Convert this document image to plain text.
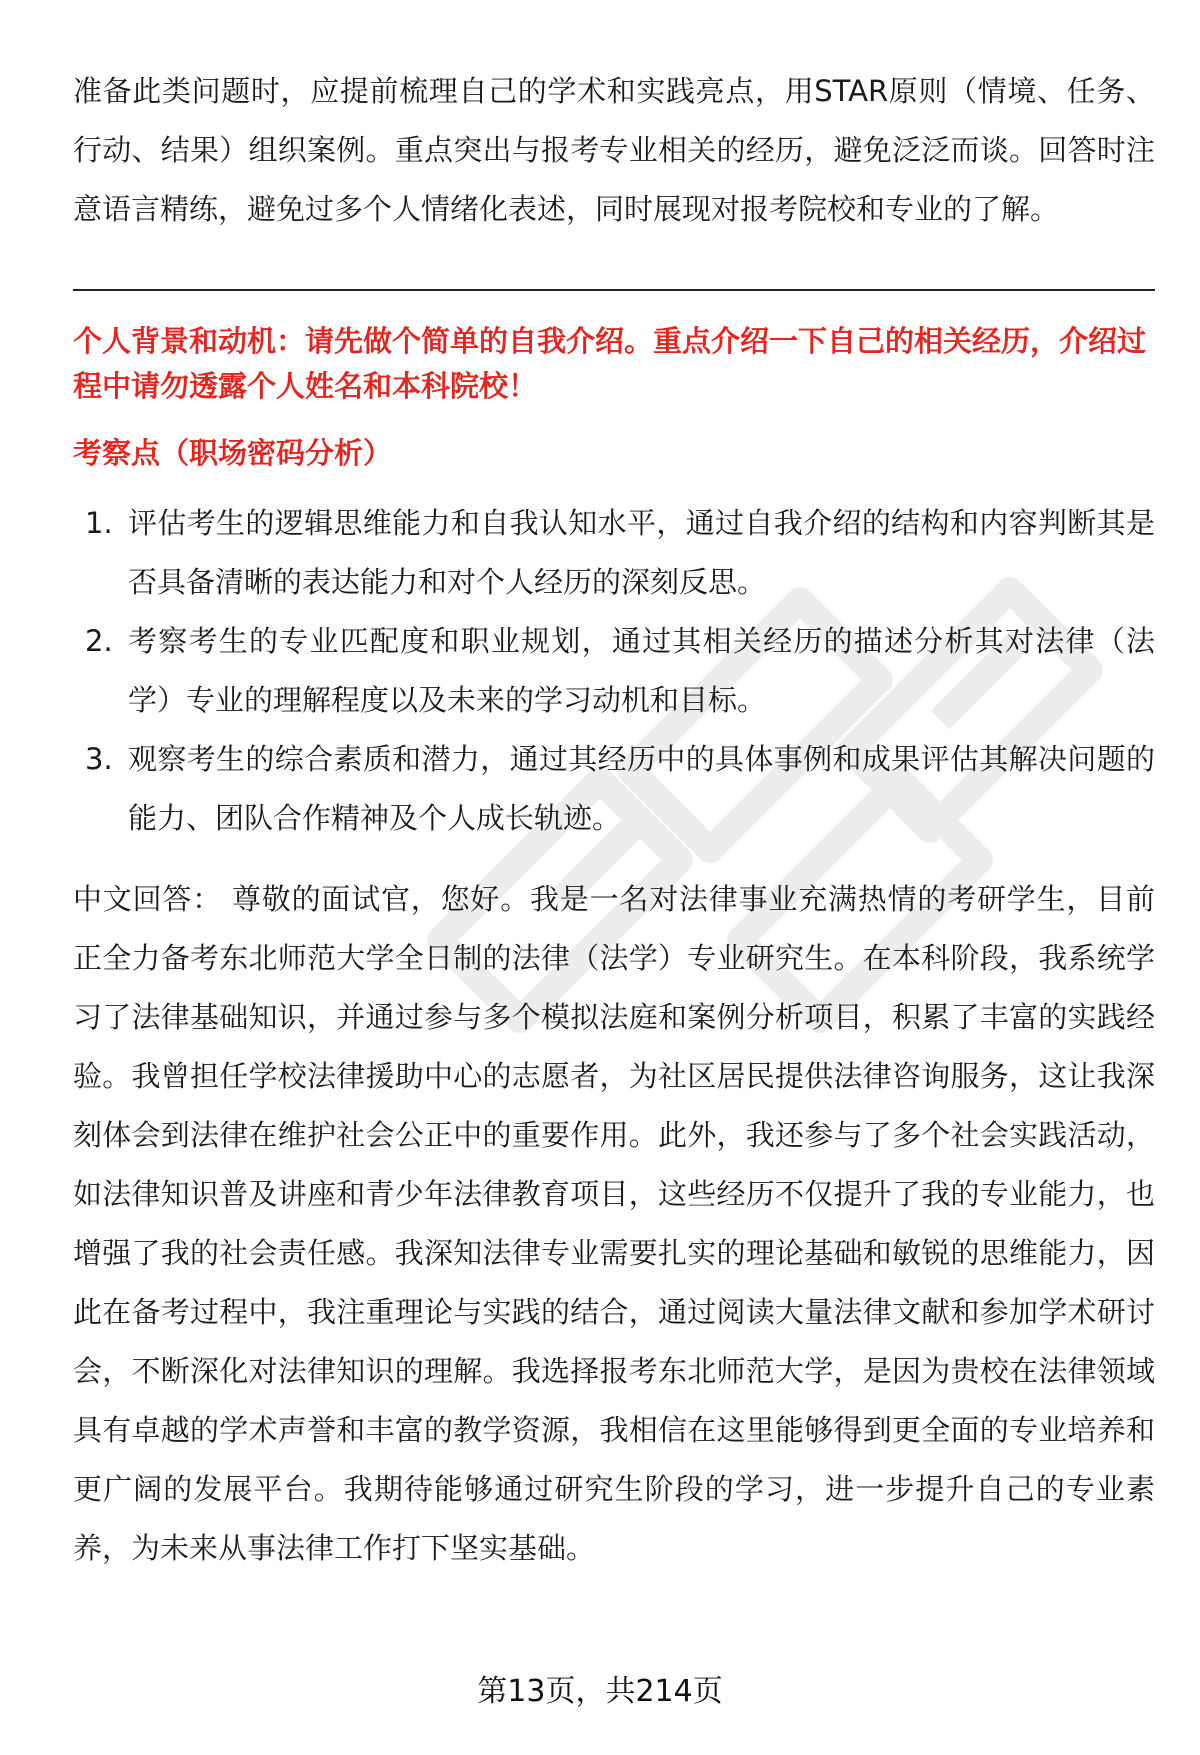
准备此类问题时，应提前梳理自己的学术和实践亮点，用STAR原则（情境、任务、行动、结果）组织案例。重点突出与报考专业相关的经历，避免泛泛而谈。回答时注意语言精练，避免过多个人情绪化表述，同时展现对报考院校和专业的了解。

个人背景和动机：请先做个简单的自我介绍。重点介绍一下自己的相关经历，介绍过程中请勿透露个人姓名和本科院校！

考察点（职场密码分析）

1. 评估考生的逻辑思维能力和自我认知水平，通过自我介绍的结构和内容判断其是否具备清晰的表达能力和对个人经历的深刻反思。
2. 考察考生的专业匹配度和职业规划，通过其相关经历的描述分析其对法律（法学）专业的理解程度以及未来的学习动机和目标。
3. 观察考生的综合素质和潜力，通过其经历中的具体事例和成果评估其解决问题的能力、团队合作精神及个人成长轨迹。

中文回答： 尊敬的面试官，您好。我是一名对法律事业充满热情的考研学生，目前正全力备考东北师范大学全日制的法律（法学）专业研究生。在本科阶段，我系统学习了法律基础知识，并通过参与多个模拟法庭和案例分析项目，积累了丰富的实践经验。我曾担任学校法律援助中心的志愿者，为社区居民提供法律咨询服务，这让我深刻体会到法律在维护社会公正中的重要作用。此外，我还参与了多个社会实践活动，如法律知识普及讲座和青少年法律教育项目，这些经历不仅提升了我的专业能力，也增强了我的社会责任感。我深知法律专业需要扎实的理论基础和敏锐的思维能力，因此在备考过程中，我注重理论与实践的结合，通过阅读大量法律文献和参加学术研讨会，不断深化对法律知识的理解。我选择报考东北师范大学，是因为贵校在法律领域具有卓越的学术声誉和丰富的教学资源，我相信在这里能够得到更全面的专业培养和更广阔的发展平台。我期待能够通过研究生阶段的学习，进一步提升自己的专业素养，为未来从事法律工作打下坚实基础。

第13页，共214页
